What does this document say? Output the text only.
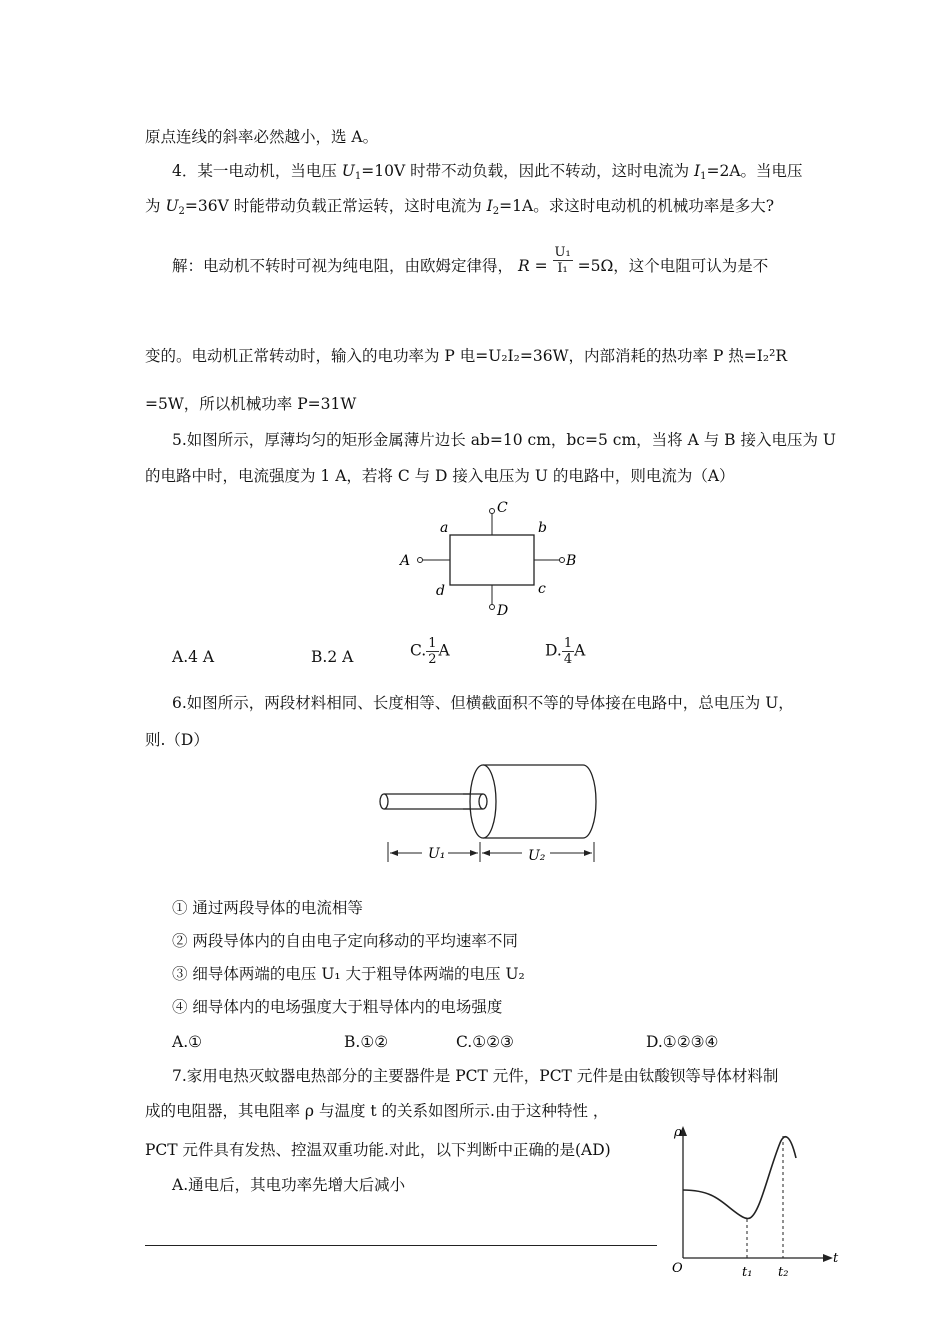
原点连线的斜率必然越小，选 A。
4．某一电动机，当电压 $U_1=10V$ 时带不动负载，因此不转动，这时电流为 $I_1=2A$。当电压
为 $U_2=36V$ 时能带动负载正常运转，这时电流为 $I_2=1A$。求这时电动机的机械功率是多大?
解：电动机不转时可视为纯电阻，由欧姆定律得， $R = \frac{\text{U₁}}{\text{I₁}} =5\Omega$，这个电阻可认为是不
变的。电动机正常转动时，输入的电功率为 P 电=U₂I₂=36W，内部消耗的热功率 P 热=I₂²R
=5W，所以机械功率 P=31W
5.如图所示，厚薄均匀的矩形金属薄片边长 ab=10 cm，bc=5 cm，当将 A 与 B 接入电压为 U
的电路中时，电流强度为 1 A，若将 C 与 D 接入电压为 U 的电路中，则电流为（A）
a	b
c
d
A	B
C
D
A.4 A	B.2 A	C. $\frac{1}{2}$ A	D. $\frac{1}{4}$ A
6.如图所示，两段材料相同、长度相等、但横截面积不等的导体接在电路中，总电压为 U，
则.（D）
U₁	U₂
① 通过两段导体的电流相等
② 两段导体内的自由电子定向移动的平均速率不同
③ 细导体两端的电压 U₁ 大于粗导体两端的电压 U₂
④ 细导体内的电场强度大于粗导体内的电场强度
A.①	B.①②	C.①②③	D.①②③④
7.家用电热灭蚊器电热部分的主要器件是 PCT 元件，PCT 元件是由钛酸钡等导体材料制
成的电阻器，其电阻率 ρ 与温度 t 的关系如图所示.由于这种特性 ，
PCT 元件具有发热、控温双重功能.对此，以下判断中正确的是(AD)
A.通电后，其电功率先增大后减小
ρ
t
O	t₁ t₂
